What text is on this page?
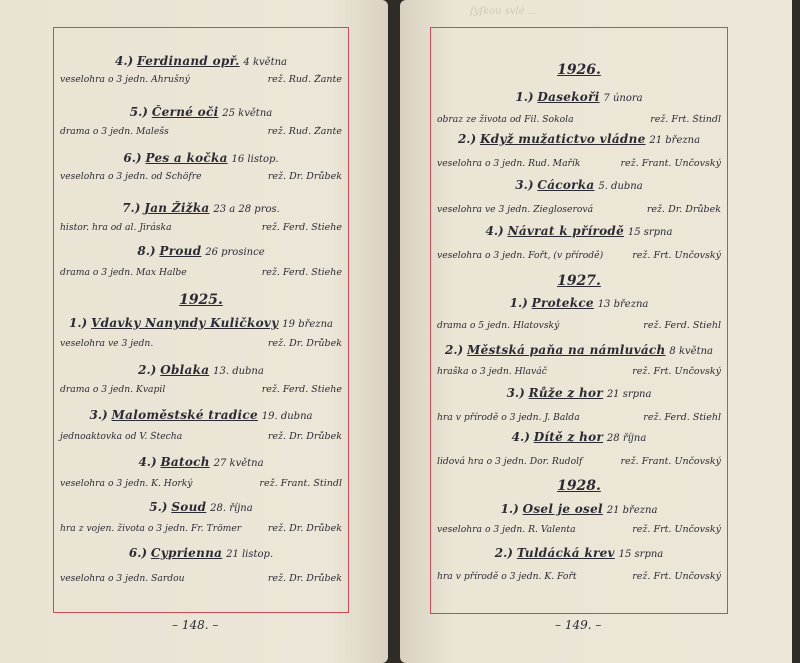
4.) Ferdinand opř. 4 května
veselohra o 3 jedn. Ahrušný	rež. Rud. Žante
5.) Černé oči 25 května
drama o 3 jedn. Malešs	rež. Rud. Žante
6.) Pes a kočka 16 listop.
veselohra o 3 jedn. od Schöfre	rež. Dr. Drůbek
7.) Jan Žižka 23 a 28 pros.
histor. hra od al. Jiráska	rež. Ferd. Stiehe
8.) Proud 26 prosince
drama o 3 jedn. Max Halbe	rež. Ferd. Stiehe
1925.
1.) Vdavky Nanyndy Kuličkovy 19 března
veselohra ve 3 jedn.	rež. Dr. Drůbek
2.) Oblaka 13. dubna
drama o 3 jedn. Kvapil	rež. Ferd. Stiehe
3.) Maloměstské tradice 19. dubna
jednoaktovka od V. Štecha	rež. Dr. Drůbek
4.) Batoch 27 května
veselohra o 3 jedn. K. Horký	rež. Frant. Štindl
5.) Soud 28. října
hra z vojen. života o 3 jedn. Fr. Trömer	rež. Dr. Drůbek
6.) Cyprienna 21 listop.
veselohra o 3 jedn. Sardou	rež. Dr. Drůbek
– 148. –
ſyſkou svlé ...
1926.
1.) Dasekoři 7 února
obraz ze života od Fil. Sokola	rež. Frt. Štindl
2.) Když mužatictvo vládne 21 března
veselohra o 3 jedn. Rud. Mařík	rež. Frant. Unčovský
3.) Cácorka 5. dubna
veselohra ve 3 jedn. Ziegloserová	rež. Dr. Drůbek
4.) Návrat k přírodě 15 srpna
veselohra o 3 jedn. Fořt, (v přírodě)	rež. Frt. Unčovský
1927.
1.) Protekce 13 března
drama o 5 jedn. Hlatovský	rež. Ferd. Stiehl
2.) Městská paňa na námluvách 8 května
hraška o 3 jedn. Hlaváč	rež. Frt. Unčovský
3.) Růže z hor 21 srpna
hra v přírodě o 3 jedn. J. Balda	rež. Ferd. Stiehl
4.) Dítě z hor 28 října
lidová hra o 3 jedn. Dor. Rudolf	rež. Frant. Unčovský
1928.
1.) Osel je osel 21 března
veselohra o 3 jedn. R. Valenta	rež. Frt. Unčovský
2.) Tuldácká krev 15 srpna
hra v přírodě o 3 jedn. K. Fořt	rež. Frt. Unčovský
– 149. –
